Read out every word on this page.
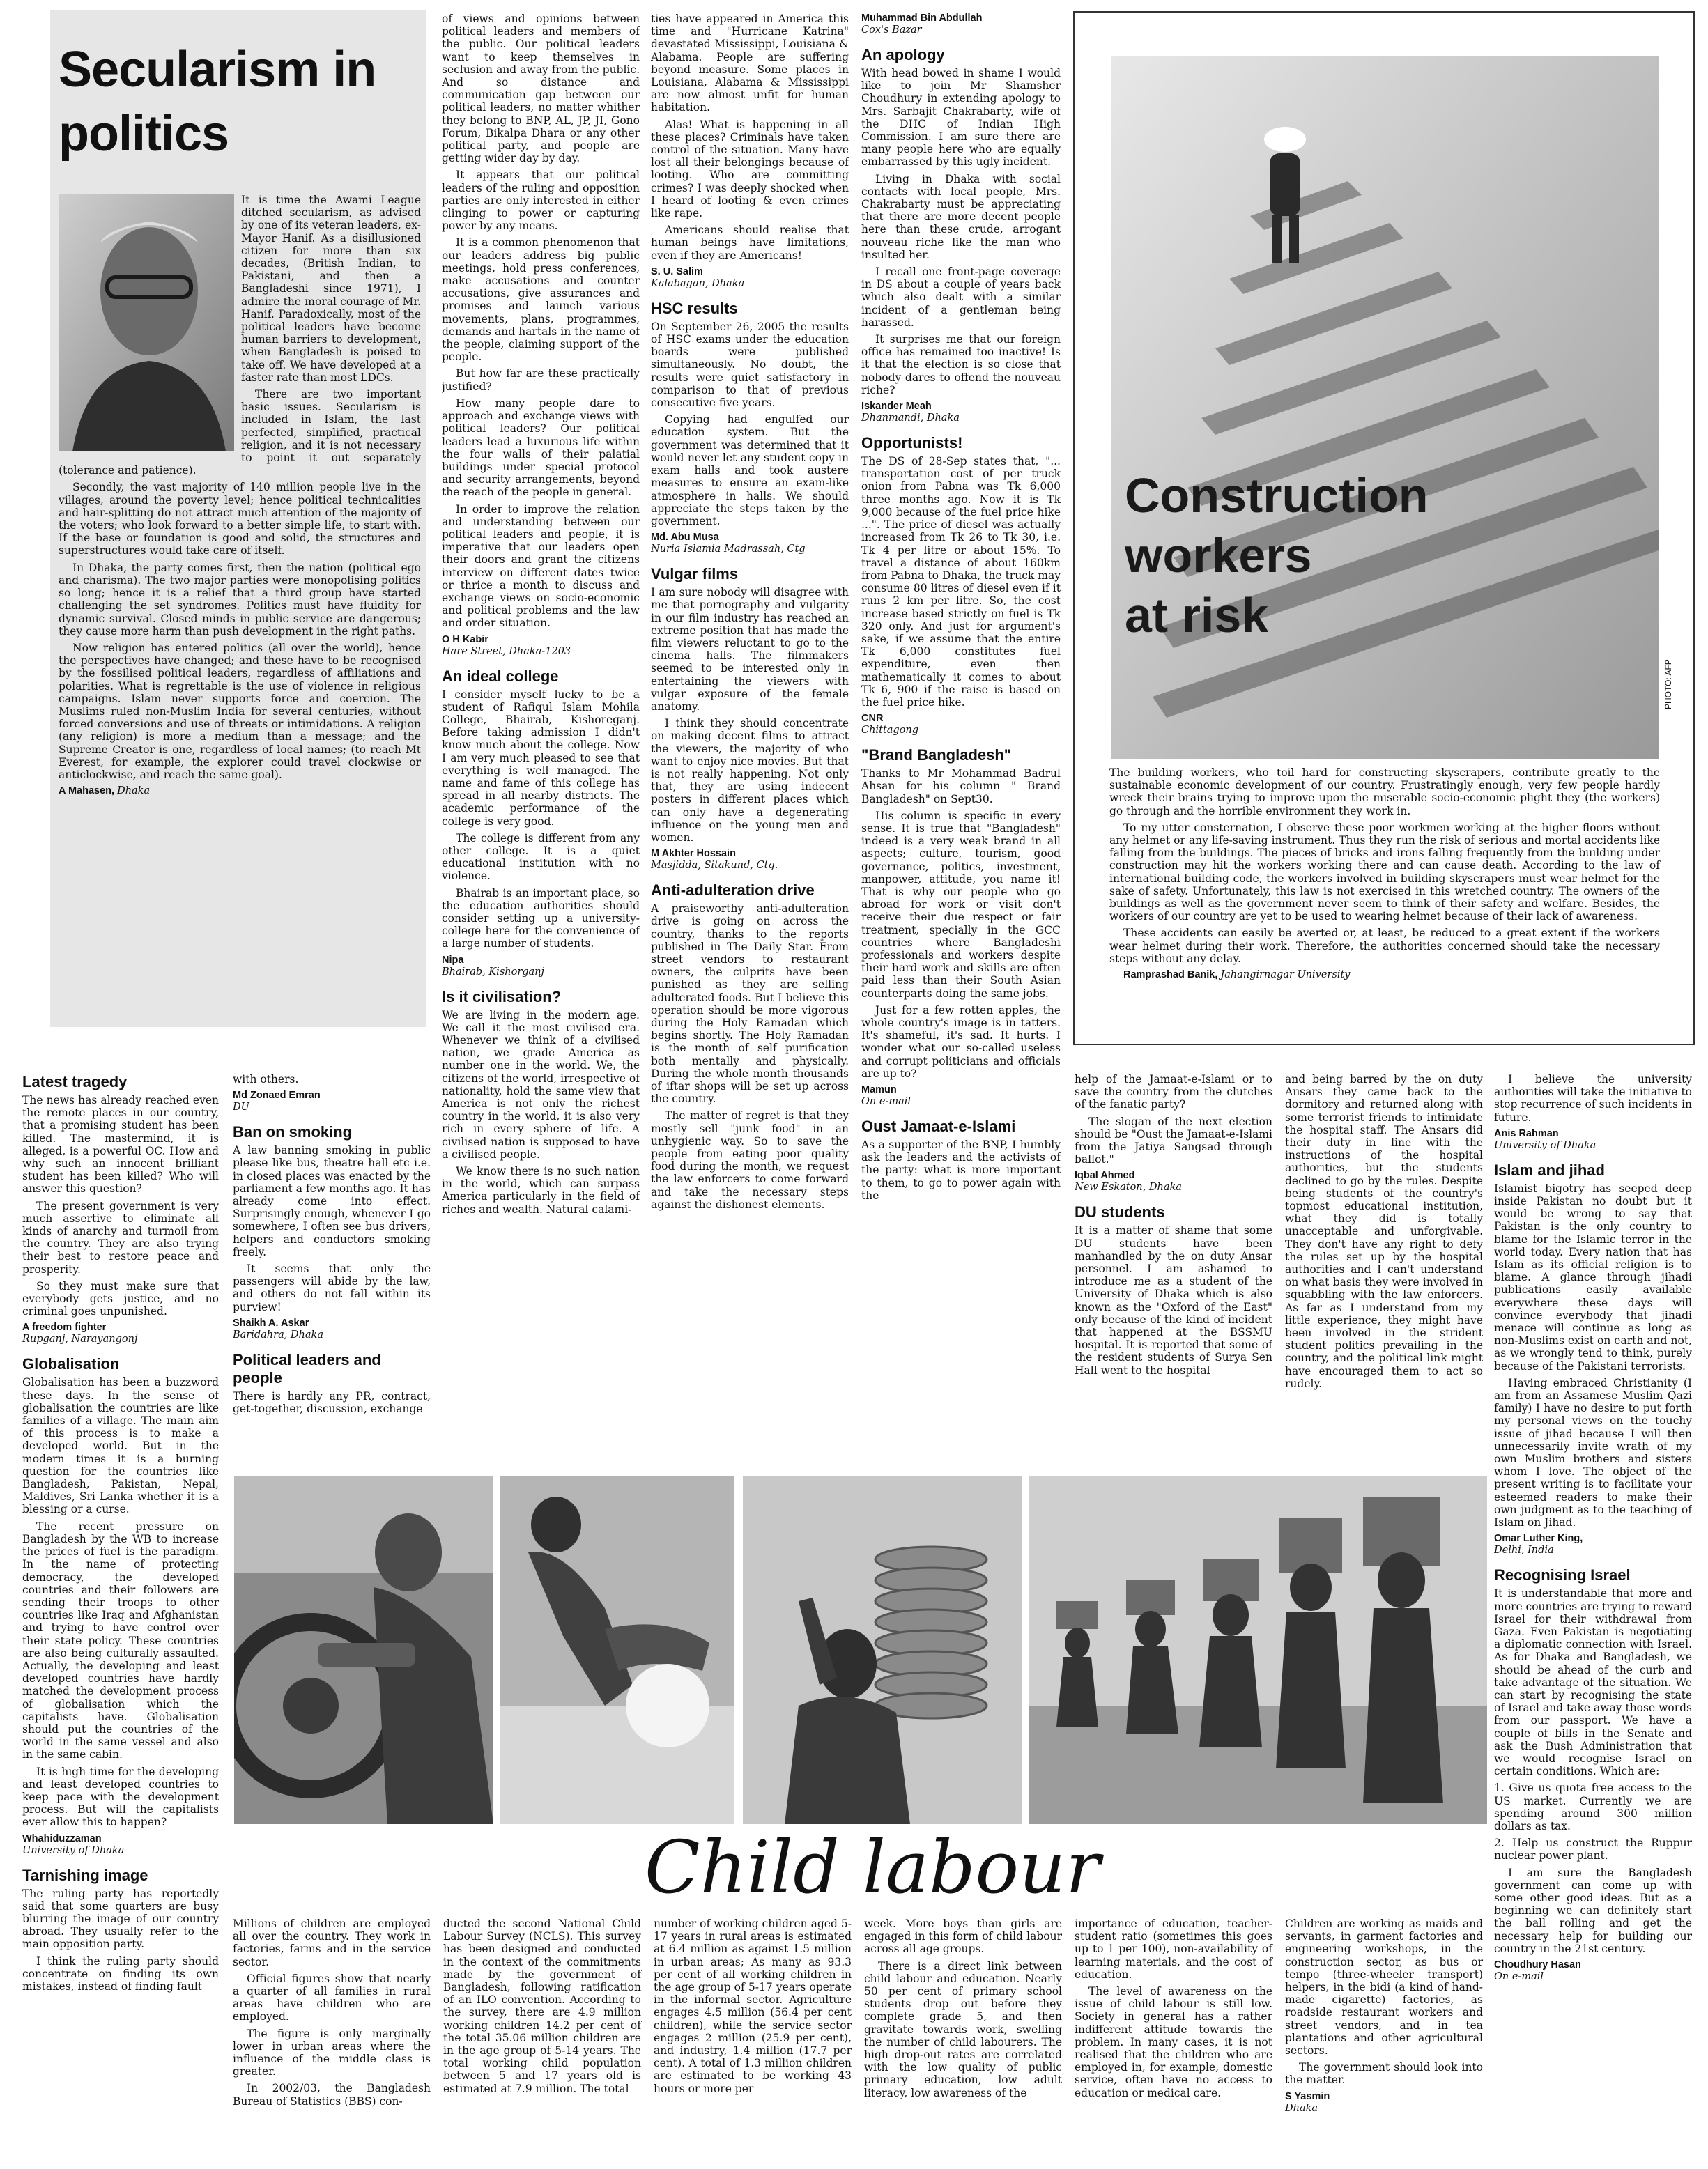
Secularism in politics

It is time the Awami League ditched secularism, as advised by one of its veteran leaders, ex-Mayor Hanif. As a disillusioned citizen for more than six decades, (British Indian, to Pakistani, and then a Bangladeshi since 1971), I admire the moral courage of Mr. Hanif. Paradoxically, most of the political leaders have become human barriers to development, when Bangladesh is poised to take off. We have developed at a faster rate than most LDCs.

There are two important basic issues. Secularism is included in Islam, the last perfected, simplified, practical religion, and it is not necessary to point it out separately (tolerance and patience).

Secondly, the vast majority of 140 million people live in the villages, around the poverty level; hence political technicalities and hair-splitting do not attract much attention of the majority of the voters; who look forward to a better simple life, to start with. If the base or foundation is good and solid, the structures and superstructures would take care of itself.

In Dhaka, the party comes first, then the nation (political ego and charisma). The two major parties were monopolising politics so long; hence it is a relief that a third group have started challenging the set syndromes. Politics must have fluidity for dynamic survival. Closed minds in public service are dangerous; they cause more harm than push development in the right paths.

Now religion has entered politics (all over the world), hence the perspectives have changed; and these have to be recognised by the fossilised political leaders, regardless of affiliations and polarities. What is regrettable is the use of violence in religious campaigns. Islam never supports force and coercion. The Muslims ruled non-Muslim India for several centuries, without forced conversions and use of threats or intimidations. A religion (any religion) is more a medium than a message; and the Supreme Creator is one, regardless of local names; (to reach Mt Everest, for example, the explorer could travel clockwise or anticlockwise, and reach the same goal).

A Mahasen, Dhaka

of views and opinions between political leaders and members of the public. Our political leaders want to keep themselves in seclusion and away from the public. And so distance and communication gap between our political leaders, no matter whither they belong to BNP, AL, JP, JI, Gono Forum, Bikalpa Dhara or any other political party, and people are getting wider day by day.

It appears that our political leaders of the ruling and opposition parties are only interested in either clinging to power or capturing power by any means.

It is a common phenomenon that our leaders address big public meetings, hold press conferences, make accusations and counter accusations, give assurances and promises and launch various movements, plans, programmes, demands and hartals in the name of the people, claiming support of the people.

But how far are these practically justified?

How many people dare to approach and exchange views with political leaders? Our political leaders lead a luxurious life within the four walls of their palatial buildings under special protocol and security arrangements, beyond the reach of the people in general.

In order to improve the relation and understanding between our political leaders and people, it is imperative that our leaders open their doors and grant the citizens interview on different dates twice or thrice a month to discuss and exchange views on socio-economic and political problems and the law and order situation.

O H Kabir

Hare Street, Dhaka-1203

An ideal college

I consider myself lucky to be a student of Rafiqul Islam Mohila College, Bhairab, Kishoreganj. Before taking admission I didn't know much about the college. Now I am very much pleased to see that everything is well managed. The name and fame of this college has spread in all nearby districts. The academic performance of the college is very good.

The college is different from any other college. It is a quiet educational institution with no violence.

Bhairab is an important place, so the education authorities should consider setting up a university-college here for the convenience of a large number of students.

Nipa

Bhairab, Kishorganj

Is it civilisation?

We are living in the modern age. We call it the most civilised era. Whenever we think of a civilised nation, we grade America as number one in the world. We, the citizens of the world, irrespective of nationality, hold the same view that America is not only the richest country in the world, it is also very rich in every sphere of life. A civilised nation is supposed to have a civilised people.

We know there is no such nation in the world, which can surpass America particularly in the field of riches and wealth. Natural calami-

ties have appeared in America this time and "Hurricane Katrina" devastated Mississippi, Louisiana & Alabama. People are suffering beyond measure. Some places in Louisiana, Alabama & Mississippi are now almost unfit for human habitation.

Alas! What is happening in all these places? Criminals have taken control of the situation. Many have lost all their belongings because of looting. Who are committing crimes? I was deeply shocked when I heard of looting & even crimes like rape.

Americans should realise that human beings have limitations, even if they are Americans!

S. U. Salim

Kalabagan, Dhaka

HSC results

On September 26, 2005 the results of HSC exams under the education boards were published simultaneously. No doubt, the results were quiet satisfactory in comparison to that of previous consecutive five years.

Copying had engulfed our education system. But the government was determined that it would never let any student copy in exam halls and took austere measures to ensure an exam-like atmosphere in halls. We should appreciate the steps taken by the government.

Md. Abu Musa

Nuria Islamia Madrassah, Ctg

Vulgar films

I am sure nobody will disagree with me that pornography and vulgarity in our film industry has reached an extreme position that has made the film viewers reluctant to go to the cinema halls. The filmmakers seemed to be interested only in entertaining the viewers with vulgar exposure of the female anatomy.

I think they should concentrate on making decent films to attract the viewers, the majority of who want to enjoy nice movies. But that is not really happening. Not only that, they are using indecent posters in different places which can only have a degenerating influence on the young men and women.

M Akhter Hossain

Masjidda, Sitakund, Ctg.

Anti-adulteration drive

A praiseworthy anti-adulteration drive is going on across the country, thanks to the reports published in The Daily Star. From street vendors to restaurant owners, the culprits have been punished as they are selling adulterated foods. But I believe this operation should be more vigorous during the Holy Ramadan which begins shortly. The Holy Ramadan is the month of self purification both mentally and physically. During the whole month thousands of iftar shops will be set up across the country.

The matter of regret is that they mostly sell "junk food" in an unhygienic way. So to save the people from eating poor quality food during the month, we request the law enforcers to come forward and take the necessary steps against the dishonest elements.

Muhammad Bin Abdullah

Cox's Bazar

An apology

With head bowed in shame I would like to join Mr Shamsher Choudhury in extending apology to Mrs. Sarbajit Chakrabarty, wife of the DHC of Indian High Commission. I am sure there are many people here who are equally embarrassed by this ugly incident.

Living in Dhaka with social contacts with local people, Mrs. Chakrabarty must be appreciating that there are more decent people here than these crude, arrogant nouveau riche like the man who insulted her.

I recall one front-page coverage in DS about a couple of years back which also dealt with a similar incident of a gentleman being harassed.

It surprises me that our foreign office has remained too inactive! Is it that the election is so close that nobody dares to offend the nouveau riche?

Iskander Meah

Dhanmandi, Dhaka

Opportunists!

The DS of 28-Sep states that, "... transportation cost of per truck onion from Pabna was Tk 6,000 three months ago. Now it is Tk 9,000 because of the fuel price hike ...". The price of diesel was actually increased from Tk 26 to Tk 30, i.e. Tk 4 per litre or about 15%. To travel a distance of about 160km from Pabna to Dhaka, the truck may consume 80 litres of diesel even if it runs 2 km per litre. So, the cost increase based strictly on fuel is Tk 320 only. And just for argument's sake, if we assume that the entire Tk 6,000 constitutes fuel expenditure, even then mathematically it comes to about Tk 6, 900 if the raise is based on the fuel price hike.

CNR

Chittagong

"Brand Bangladesh"

Thanks to Mr Mohammad Badrul Ahsan for his column " Brand Bangladesh" on Sept30.

His column is specific in every sense. It is true that "Bangladesh" indeed is a very weak brand in all aspects; culture, tourism, good governance, politics, investment, manpower, attitude, you name it! That is why our people who go abroad for work or visit don't receive their due respect or fair treatment, specially in the GCC countries where Bangladeshi professionals and workers despite their hard work and skills are often paid less than their South Asian counterparts doing the same jobs.

Just for a few rotten apples, the whole country's image is in tatters. It's shameful, it's sad. It hurts. I wonder what our so-called useless and corrupt politicians and officials are up to?

Mamun

On e-mail

Oust Jamaat-e-Islami

As a supporter of the BNP, I humbly ask the leaders and the activists of the party: what is more important to them, to go to power again with the

Construction
workers
at risk
PHOTO: AFP

The building workers, who toil hard for constructing skyscrapers, contribute greatly to the sustainable economic development of our country. Frustratingly enough, very few people hardly wreck their brains trying to improve upon the miserable socio-economic plight they (the workers) go through and the horrible environment they work in.

To my utter consternation, I observe these poor workmen working at the higher floors without any helmet or any life-saving instrument. Thus they run the risk of serious and mortal accidents like falling from the buildings. The pieces of bricks and irons falling frequently from the building under construction may hit the workers working there and can cause death. According to the law of international building code, the workers involved in building skyscrapers must wear helmet for the sake of safety. Unfortunately, this law is not exercised in this wretched country. The owners of the buildings as well as the government never seem to think of their safety and welfare. Besides, the workers of our country are yet to be used to wearing helmet because of their lack of awareness.

These accidents can easily be averted or, at least, be reduced to a great extent if the workers wear helmet during their work. Therefore, the authorities concerned should take the necessary steps without any delay.

Ramprashad Banik, Jahangirnagar University

Latest tragedy

The news has already reached even the remote places in our country, that a promising student has been killed. The mastermind, it is alleged, is a powerful OC. How and why such an innocent brilliant student has been killed? Who will answer this question?

The present government is very much assertive to eliminate all kinds of anarchy and turmoil from the country. They are also trying their best to restore peace and prosperity.

So they must make sure that everybody gets justice, and no criminal goes unpunished.

A freedom fighter

Rupganj, Narayangonj

Globalisation

Globalisation has been a buzzword these days. In the sense of globalisation the countries are like families of a village. The main aim of this process is to make a developed world. But in the modern times it is a burning question for the countries like Bangladesh, Pakistan, Nepal, Maldives, Sri Lanka whether it is a blessing or a curse.

The recent pressure on Bangladesh by the WB to increase the prices of fuel is the paradigm. In the name of protecting democracy, the developed countries and their followers are sending their troops to other countries like Iraq and Afghanistan and trying to have control over their state policy. These countries are also being culturally assaulted. Actually, the developing and least developed countries have hardly matched the development process of globalisation which the capitalists have. Globalisation should put the countries of the world in the same vessel and also in the same cabin.

It is high time for the developing and least developed countries to keep pace with the development process. But will the capitalists ever allow this to happen?

Whahiduzzaman

University of Dhaka

Tarnishing image

The ruling party has reportedly said that some quarters are busy blurring the image of our country abroad. They usually refer to the main opposition party.

I think the ruling party should concentrate on finding its own mistakes, instead of finding fault

with others.

Md Zonaed Emran

DU

Ban on smoking

A law banning smoking in public please like bus, theatre hall etc i.e. in closed places was enacted by the parliament a few months ago. It has already come into effect. Surprisingly enough, whenever I go somewhere, I often see bus drivers, helpers and conductors smoking freely.

It seems that only the passengers will abide by the law, and others do not fall within its purview!

Shaikh A. Askar

Baridahra, Dhaka

Political leaders and people

There is hardly any PR, contract, get-together, discussion, exchange

help of the Jamaat-e-Islami or to save the country from the clutches of the fanatic party?

The slogan of the next election should be "Oust the Jamaat-e-Islami from the Jatiya Sangsad through ballot."

Iqbal Ahmed

New Eskaton, Dhaka

DU students

It is a matter of shame that some DU students have been manhandled by the on duty Ansar personnel. I am ashamed to introduce me as a student of the University of Dhaka which is also known as the "Oxford of the East" only because of the kind of incident that happened at the BSSMU hospital. It is reported that some of the resident students of Surya Sen Hall went to the hospital

and being barred by the on duty Ansars they came back to the dormitory and returned along with some terrorist friends to intimidate the hospital staff. The Ansars did their duty in line with the instructions of the hospital authorities, but the students declined to go by the rules. Despite being students of the country's topmost educational institution, what they did is totally unacceptable and unforgivable. They don't have any right to defy the rules set up by the hospital authorities and I can't understand on what basis they were involved in squabbling with the law enforcers. As far as I understand from my little experience, they might have been involved in the strident student politics prevailing in the country, and the political link might have encouraged them to act so rudely.

I believe the university authorities will take the initiative to stop recurrence of such incidents in future.

Anis Rahman

University of Dhaka

Islam and jihad

Islamist bigotry has seeped deep inside Pakistan no doubt but it would be wrong to say that Pakistan is the only country to blame for the Islamic terror in the world today. Every nation that has Islam as its official religion is to blame. A glance through jihadi publications easily available everywhere these days will convince everybody that jihadi menace will continue as long as non-Muslims exist on earth and not, as we wrongly tend to think, purely because of the Pakistani terrorists.

Having embraced Christianity (I am from an Assamese Muslim Qazi family) I have no desire to put forth my personal views on the touchy issue of jihad because I will then unnecessarily invite wrath of my own Muslim brothers and sisters whom I love. The object of the present writing is to facilitate your esteemed readers to make their own judgment as to the teaching of Islam on Jihad.

Omar Luther King,

Delhi, India

Recognising Israel

It is understandable that more and more countries are trying to reward Israel for their withdrawal from Gaza. Even Pakistan is negotiating a diplomatic connection with Israel. As for Dhaka and Bangladesh, we should be ahead of the curb and take advantage of the situation. We can start by recognising the state of Israel and take away those words from our passport. We have a couple of bills in the Senate and ask the Bush Administration that we would recognise Israel on certain conditions. Which are:

1. Give us quota free access to the US market. Currently we are spending around 300 million dollars as tax.

2. Help us construct the Ruppur nuclear power plant.

I am sure the Bangladesh government can come up with some other good ideas. But as a beginning we can definitely start the ball rolling and get the necessary help for building our country in the 21st century.

Choudhury Hasan

On e-mail

Child labour

Millions of children are employed all over the country. They work in factories, farms and in the service sector.

Official figures show that nearly a quarter of all families in rural areas have children who are employed.

The figure is only marginally lower in urban areas where the influence of the middle class is greater.

In 2002/03, the Bangladesh Bureau of Statistics (BBS) con-

ducted the second National Child Labour Survey (NCLS). This survey has been designed and conducted in the context of the commitments made by the government of Bangladesh, following ratification of an ILO convention. According to the survey, there are 4.9 million working children 14.2 per cent of the total 35.06 million children are in the age group of 5-14 years. The total working child population between 5 and 17 years old is estimated at 7.9 million. The total

number of working children aged 5-17 years in rural areas is estimated at 6.4 million as against 1.5 million in urban areas; As many as 93.3 per cent of all working children in the age group of 5-17 years operate in the informal sector. Agriculture engages 4.5 million (56.4 per cent children), while the service sector engages 2 million (25.9 per cent), and industry, 1.4 million (17.7 per cent). A total of 1.3 million children are estimated to be working 43 hours or more per

week. More boys than girls are engaged in this form of child labour across all age groups.

There is a direct link between child labour and education. Nearly 50 per cent of primary school students drop out before they complete grade 5, and then gravitate towards work, swelling the number of child labourers. The high drop-out rates are correlated with the low quality of public primary education, low adult literacy, low awareness of the

importance of education, teacher-student ratio (sometimes this goes up to 1 per 100), non-availability of learning materials, and the cost of education.

The level of awareness on the issue of child labour is still low. Society in general has a rather indifferent attitude towards the problem. In many cases, it is not realised that the children who are employed in, for example, domestic service, often have no access to education or medical care.

Children are working as maids and servants, in garment factories and engineering workshops, in the construction sector, as bus or tempo (three-wheeler transport) helpers, in the bidi (a kind of hand-made cigarette) factories, as roadside restaurant workers and street vendors, and in tea plantations and other agricultural sectors.

The government should look into the matter.

S Yasmin

Dhaka
